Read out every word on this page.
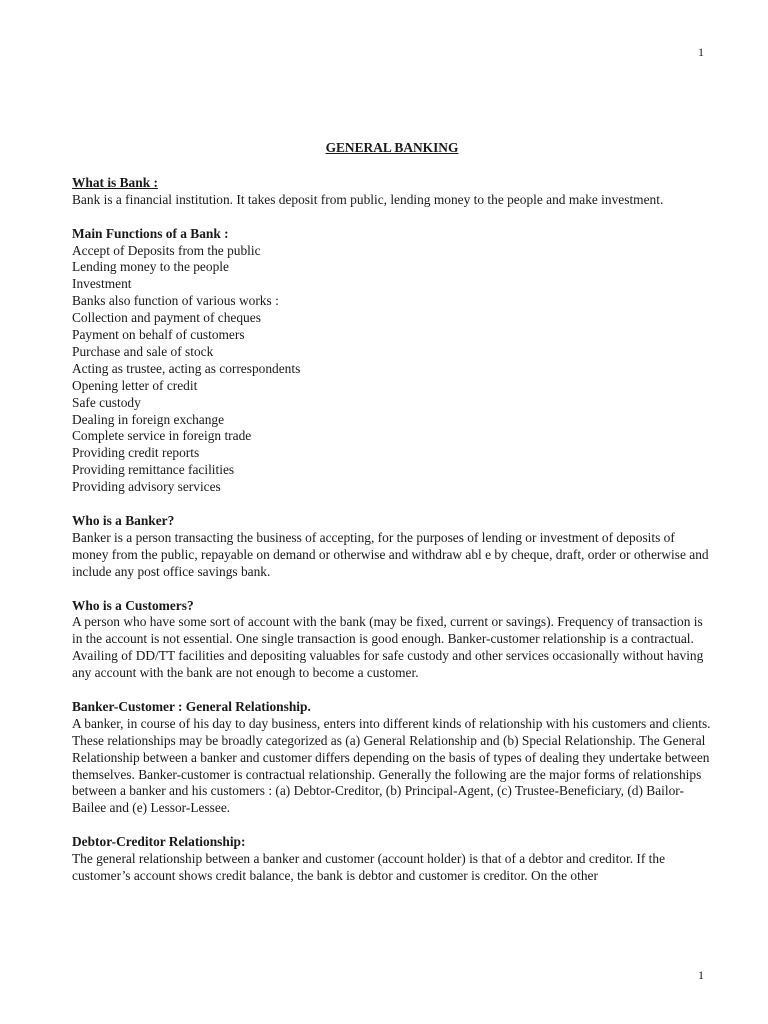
1
GENERAL BANKING
What is Bank :
Bank is a financial institution. It takes deposit from public, lending money to the people and make investment.
Main Functions of a Bank :
Accept of Deposits from the public
Lending money to the people
Investment
Banks also function of various works :
Collection and payment of cheques
Payment on behalf of customers
Purchase and sale of stock
Acting as trustee, acting as correspondents
Opening letter of credit
Safe custody
Dealing in foreign exchange
Complete service in foreign trade
Providing credit reports
Providing remittance facilities
Providing advisory services
Who is a Banker?
Banker is a person transacting the business of accepting, for the purposes of lending or investment of deposits of money from the public, repayable on demand or otherwise and withdraw abl e by cheque, draft, order or otherwise and include any post office savings bank.
Who is a Customers?
A person who have some sort of account with the bank (may be fixed, current or savings). Frequency of transaction is in the account is not essential. One single transaction is good enough. Banker-customer relationship is a contractual. Availing of DD/TT facilities and depositing valuables for safe custody and other services occasionally without having any account with the bank are not enough to become a customer.
Banker-Customer : General Relationship.
A banker, in course of his day to day business, enters into different kinds of relationship with his customers and clients. These relationships may be broadly categorized as (a) General Relationship and (b) Special Relationship. The General Relationship between a banker and customer differs depending on the basis of types of dealing they undertake between themselves. Banker-customer is contractual relationship. Generally the following are the major forms of relationships between a banker and his customers : (a) Debtor-Creditor, (b) Principal-Agent, (c) Trustee-Beneficiary, (d) Bailor-Bailee and (e) Lessor-Lessee.
Debtor-Creditor Relationship:
The general relationship between a banker and customer (account holder) is that of a debtor and creditor. If the customer’s account shows credit balance, the bank is debtor and customer is creditor. On the other
1
